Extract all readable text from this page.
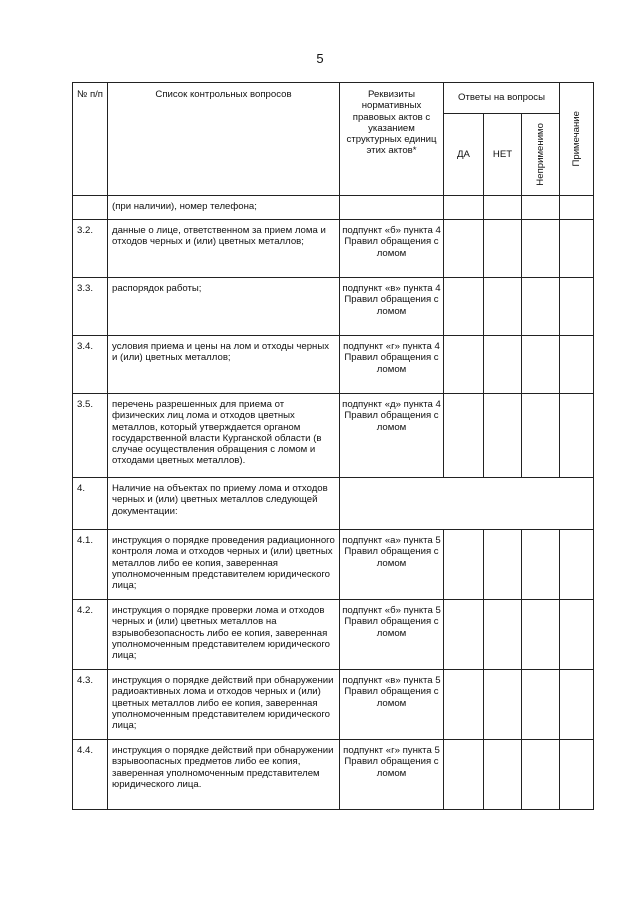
5
№ п/п	Список контрольных вопросов	Реквизиты нормативных правовых актов с указанием структурных единиц этих актов*	Ответы на вопросы			Примечание

			ДА	НЕТ	Неприменимо	

	(при наличии), номер телефона;					
3.2.	данные о лице, ответственном за прием лома и отходов черных и (или) цветных металлов;	подпункт «б» пункта 4 Правил обращения с ломом				
3.3.	распорядок работы;	подпункт «в» пункта 4 Правил обращения с ломом				
3.4.	условия приема и цены на лом и отходы черных и (или) цветных металлов;	подпункт «г» пункта 4 Правил обращения с ломом				
3.5.	перечень разрешенных для приема от физических лиц лома и отходов цветных металлов, который утверждается органом государственной власти Курганской области (в случае осуществления обращения с ломом и отходами цветных металлов).	подпункт «д» пункта 4 Правил обращения с ломом				
4.	Наличие на объектах по приему лома и отходов черных и (или) цветных металлов следующей документации:					
4.1.	инструкция о порядке проведения радиационного контроля лома и отходов черных и (или) цветных металлов либо ее копия, заверенная уполномоченным представителем юридического лица;	подпункт «а» пункта 5 Правил обращения с ломом				
4.2.	инструкция о порядке проверки лома и отходов черных и (или) цветных металлов на взрывобезопасность либо ее копия, заверенная уполномоченным представителем юридического лица;	подпункт «б» пункта 5 Правил обращения с ломом				
4.3.	инструкция о порядке действий при обнаружении радиоактивных лома и отходов черных и (или) цветных металлов либо ее копия, заверенная уполномоченным представителем юридического лица;	подпункт «в» пункта 5 Правил обращения с ломом				
4.4.	инструкция о порядке действий при обнаружении взрывоопасных предметов либо ее копия, заверенная уполномоченным представителем юридического лица.	подпункт «г» пункта 5 Правил обращения с ломом				
